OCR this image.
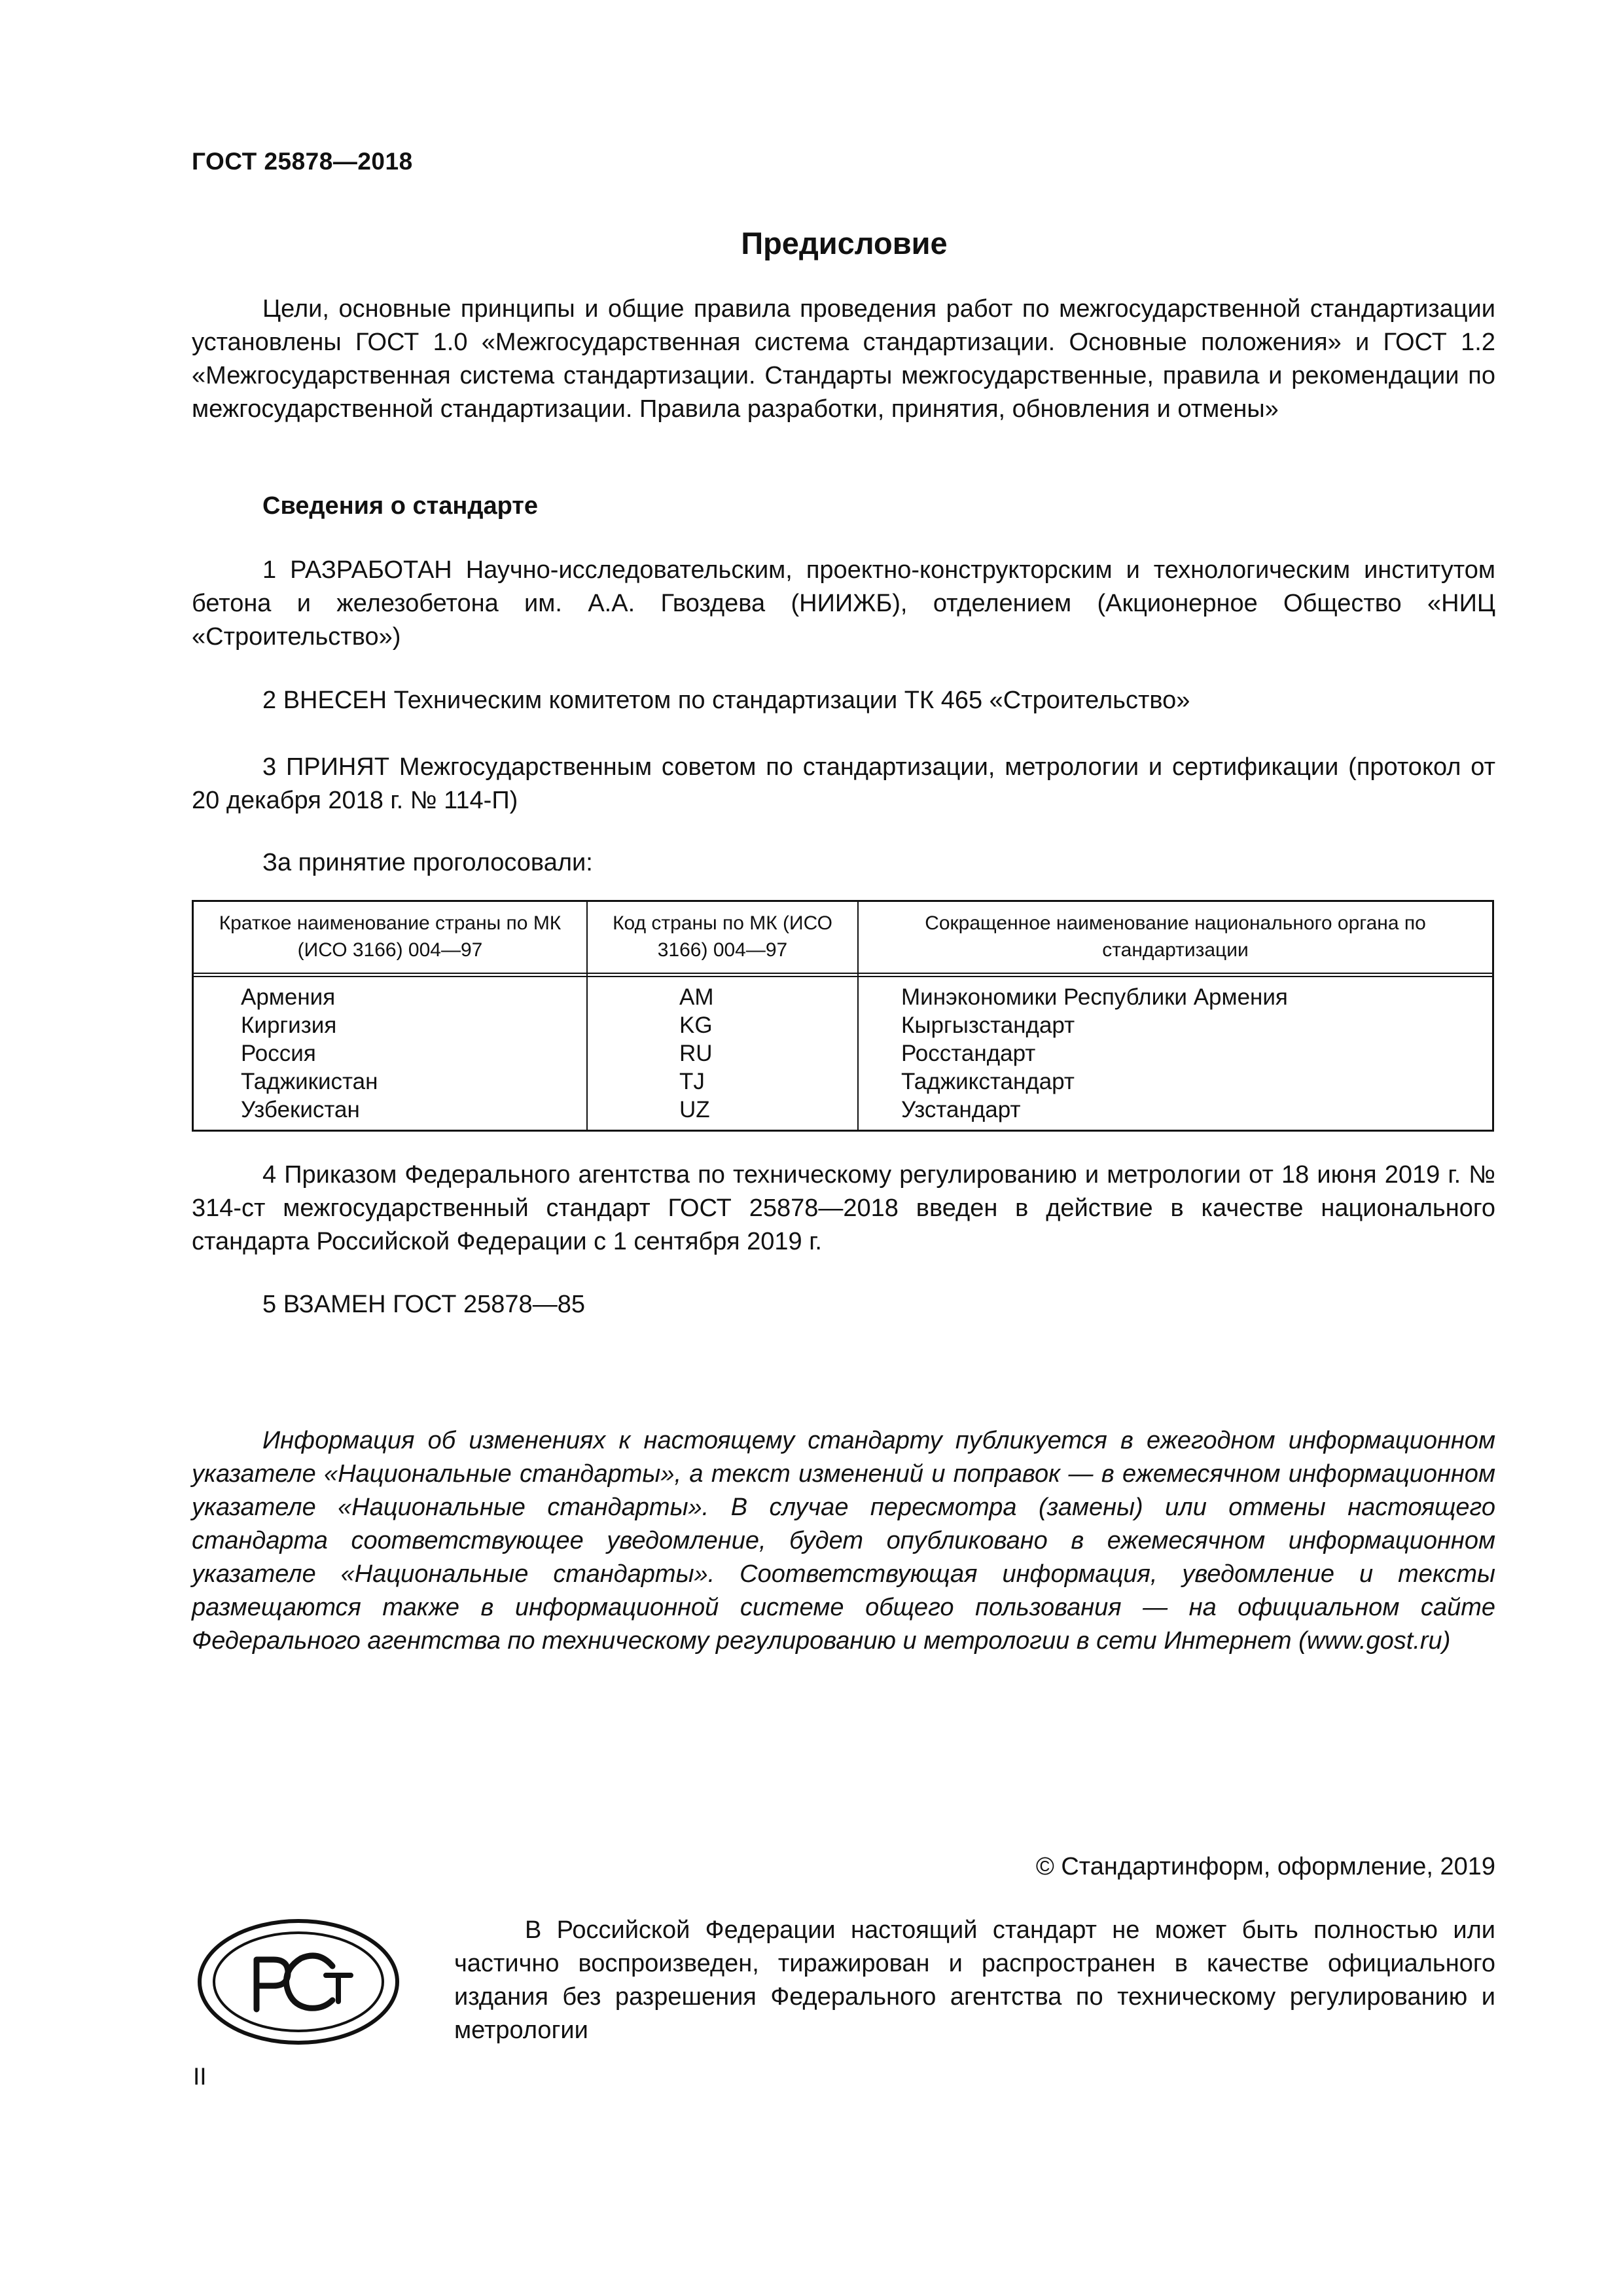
ГОСТ 25878—2018
Предисловие
Цели, основные принципы и общие правила проведения работ по межгосударственной стандартизации установлены ГОСТ 1.0 «Межгосударственная система стандартизации. Основные положения» и ГОСТ 1.2 «Межгосударственная система стандартизации. Стандарты межгосударственные, правила и рекомендации по межгосударственной стандартизации. Правила разработки, принятия, обновления и отмены»
Сведения о стандарте
1 РАЗРАБОТАН Научно-исследовательским, проектно-конструкторским и технологическим институтом бетона и железобетона им. А.А. Гвоздева (НИИЖБ), отделением (Акционерное Общество «НИЦ «Строительство»)
2 ВНЕСЕН Техническим комитетом по стандартизации ТК 465 «Строительство»
3 ПРИНЯТ Межгосударственным советом по стандартизации, метрологии и сертификации (протокол от 20 декабря 2018 г. № 114-П)
За принятие проголосовали:
Краткое наименование страны по МК (ИСО 3166) 004—97
Код страны по МК (ИСО 3166) 004—97
Сокращенное наименование национального органа по стандартизации
Армения
Киргизия
Россия
Таджикистан
Узбекистан
AM
KG
RU
TJ
UZ
Минэкономики Республики Армения
Кыргызстандарт
Росстандарт
Таджикстандарт
Узстандарт
4 Приказом Федерального агентства по техническому регулированию и метрологии от 18 июня 2019 г. № 314-ст межгосударственный стандарт ГОСТ 25878—2018 введен в действие в качестве национального стандарта Российской Федерации с 1 сентября 2019 г.
5 ВЗАМЕН ГОСТ 25878—85
Информация об изменениях к настоящему стандарту публикуется в ежегодном информационном указателе «Национальные стандарты», а текст изменений и поправок — в ежемесячном информационном указателе «Национальные стандарты». В случае пересмотра (замены) или отмены настоящего стандарта соответствующее уведомление, будет опубликовано в ежемесячном информационном указателе «Национальные стандарты». Соответствующая информация, уведомление и тексты размещаются также в информационной системе общего пользования — на официальном сайте Федерального агентства по техническому регулированию и метрологии в сети Интернет (www.gost.ru)
© Стандартинформ, оформление, 2019
В Российской Федерации настоящий стандарт не может быть полностью или частично воспроизведен, тиражирован и распространен в качестве официального издания без разрешения Федерального агентства по техническому регулированию и метрологии
II
